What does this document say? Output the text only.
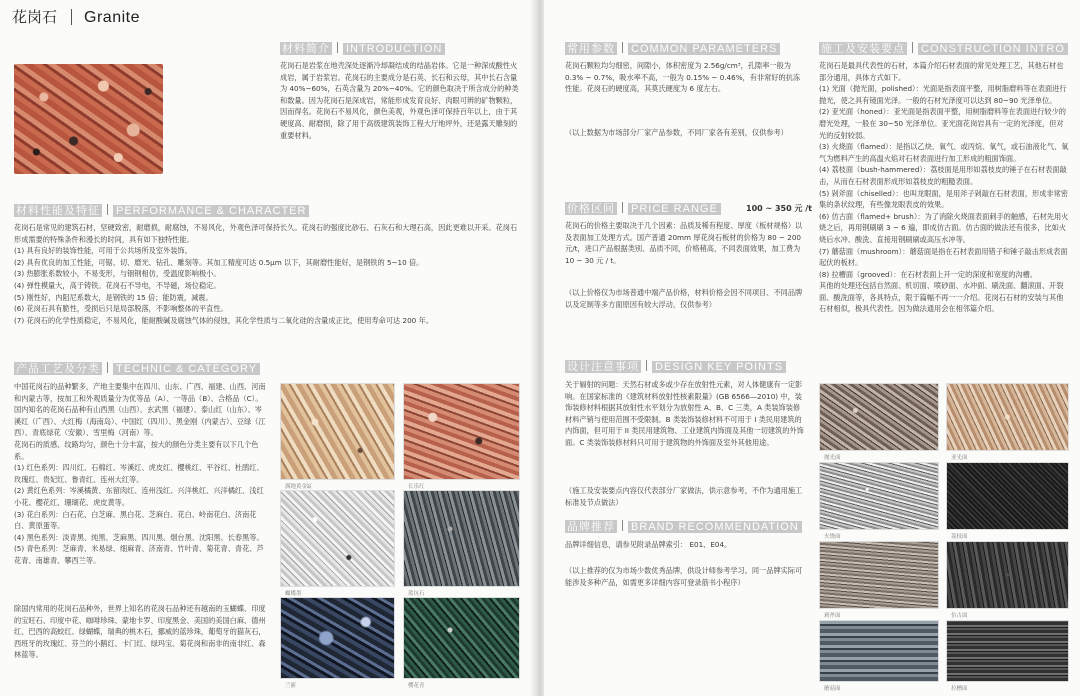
花岗石 Granite
材料简介 INTRODUCTION
花岗石是岩浆在地壳深处逐渐冷却凝结成的结晶岩体。它是一种深成酸性火成岩，属于岩浆岩。花岗石的主要成分是石英、长石和云母，其中长石含量为 40%~60%，石英含量为 20%~40%。它的颜色取决于所含成分的种类和数量。因为花岗石是深成岩，常能形成发育良好、肉眼可辨的矿物颗粒，因而得名。花岗石不易风化，颜色美观，外观色泽可保持百年以上，由于其硬度高、耐磨损，除了用于高级建筑装饰工程大厅地坪外，还是露天雕刻的重要材料。
材料性能及特征 PERFORMANCE & CHARACTER

花岗石是常见的建筑石材，坚硬致密，耐磨损，耐腐蚀，不易风化，外观色泽可保持长久。花岗石的强度比砂石、石灰石和大理石高，因此更难以开采。花岗石形成需要的特殊条件和漫长的时间，具有如下独特性能。

(1) 具有良好的装饰性能，可用于公共场所及室外装饰。
(2) 具有优良的加工性能，可锯、切、磨光、钻孔、雕刻等。其加工精度可达 0.5μm 以下，其耐磨性能好，是钢铁的 5~10 倍。
(3) 热膨胀系数较小，不易变形，与铟钢相仿，受温度影响极小。
(4) 弹性模量大，高于铸铁。花岗石不导电，不导磁，场位稳定。
(5) 刚性好，内阻尼系数大，是钢铁的 15 倍；能防震，减震。
(6) 花岗石具有脆性，受损后只是局部脱落，不影响整体的平直性。
(7) 花岗石的化学性质稳定，不易风化，能耐酸碱及腐蚀气体的侵蚀，其化学性质与二氧化硅的含量成正比，使用寿命可达 200 年。
产品工艺及分类 TECHNIC & CATEGORY

中国花岗石的品种繁多，产地主要集中在四川、山东、广西、福建、山西、河南和内蒙古等，按加工和外观质量分为优等品（A）、一等品（B）、合格品（C）。国内知名的花岗石品种有山西黑（山西）、玄武黑（福建）、泰山红（山东）、岑溪红（广西）、大红梅（海南岛）、中国红（四川）、黑金刚（内蒙古）、豆绿（江西）、青底绿花（安徽）、雪里梅（河南）等。

花岗石的质感、纹路均匀，颜色十分丰富，按大的颜色分类主要有以下几个色系。

(1) 红色系列：四川红、石棉红、岑溪红、虎皮红、樱桃红、平谷红、杜鹃红、玫瑰红、贵妃红、鲁青红、连州大红等。
(2) 黄红色系列：岑溪橘黄、东留肉红、连州浅红、兴洋桃红、兴洋橘红、浅红小花、樱花红、珊瑚花、虎皮黄等。
(3) 花白系列：白石花、白芝麻、黑白花、芝麻白、花白、岭南花白、济南花白、黄原蛋等。
(4) 黑色系列：淡青黑、纯黑、芝麻黑、四川黑、烟台黑、沈阳黑、长春黑等。
(5) 青色系列：芝麻青、米易绿、细麻青、济南青、竹叶青、菊花青、青花、芦花青、南雄青、攀西兰等。
除国内常用的花岗石品种外，世界上知名的花岗石品种还有越南的玉蝴蝶、印度的宝旺石、印度中花、咖啡珍珠、蒙地卡罗、印度黑金、美国的美国白麻、德州红、巴西的高蛟红、绿蝴蝶，瑞典的桃木石，挪威的蓝珍珠，葡萄牙的猫灰石，西班牙的玫瑰红、芬兰的小鹅红、卡门红、绿玛宝、菊花岗和南非的南非红、森林蓝等。
满地黄金缸	长乐红
蝴蝶墨	蓝坑石
兰新	樱花青
常用参数 COMMON PARAMETERS
花岗石颗粒均匀细密，间隙小，体积密度为 2.56g/cm³，孔隙率一般为 0.3% ~ 0.7%，吸水率不高，一般为 0.15% ~ 0.46%，有非常好的抗冻性能。花岗石的硬度高，其莫氏硬度为 6 度左右。
（以上数据为市场部分厂家产品参数，不同厂家各有差别，仅供参考）
价格区间 PRICE RANGE
花岗石的价格主要取决于几个因素：品质及稀有程度、厚度（板材规格）以及表面加工处理方式。国产普通 20mm 厚花岗石板材的价格为 80 ~ 200 元/t，进口产品根据类别、品质不同，价格稍高，不同表面效果，加工费为 10 ~ 30 元 / t。
（以上价格仅为市场普通中端产品价格，材料价格会因不同项目、不同品牌以及定制等多方面原因有较大浮动，仅供参考）
设计注意事项 DESIGN KEY POINTS
关于辐射的问题：天然石材或多或少存在放射性元素，对人体健康有一定影响。在国家标准的《建筑材料放射性核素限量》(GB 6566—2010) 中，装饰装修材料根据其放射性水平划分为放射性 A、B、C 三类，A 类装饰装修材料产销与使用范围不受限制。B 类装饰装修材料不可用于 I 类民用建筑的内饰面，但可用于 II 类民用建筑物、工业建筑内饰面及其他一切建筑的外饰面。C 类装饰装修材料只可用于建筑物的外饰面及室外其他用途。
（施工及安装要点内容仅代表部分厂家做法，供示意参考，不作为通用施工标准及节点做法）
品牌推荐 BRAND RECOMMENDATION
品牌详细信息，请参见附录品牌索引： E01、E04。
（以上推荐的仅为市场少数优秀品牌，供设计师参考学习。同一品牌实际可能涉及多种产品，如需更多详细内容可登录筋书小程序）
施工及安装要点 CONSTRUCTION INTRO

花岗石是最具代表性的石材，本篇介绍石材表面的常见处理工艺，其他石材也部分通用，具体方式如下。

(1) 光面（抛光面，polished）：光面是指表面平整，用树脂磨料等在表面进行抛光，使之具有镜面光泽。一般的石材光泽度可以达到 80~90 光泽单位。
(2) 亚光面（honed）：亚光面是指表面平整，用树脂磨料等在表面进行较少的磨光处理，一般在 30~50 光泽单位。亚光面花岗岩具有一定的光泽度，但对光的反射较弱。
(3) 火烧面（flamed）：是指以乙炔、氧气、或丙烷、氧气，或石油液化气、氧气为燃料产生的高温火焰对石材表面进行加工形成的粗面饰面。
(4) 荔枝面（bush-hammered）：荔枝面是用形如荔枝皮的锤子在石材表面敲击，从而在石材表面形成形如荔枝皮的粗糙表面。
(5) 剁斧面（chiselled）：也叫龙眼面，是用斧子剁敲在石材表面，形成非常密集的条状纹理，有些像龙眼表皮的效果。
(6) 仿古面（flamed+ brush）：为了消除火烧面表面刺手的触感，石材先用火烧之后，再用钢刷刷 3 ~ 6 遍，即成仿古面。仿古面的做法还有很多，比如火烧后水冲、酸洗、直接用钢刷刷或高压水冲等。
(7) 蘑菇面（mushroom）：蘑菇面是指在石材表面用错子和锤子敲击形成表面起伏的板材。
(8) 拉槽面（grooved）：在石材表面上开一定的深度和宽度的沟槽。

其他的处理还包括自然面、机切面、喷砂面、水冲面、刷洗面、翻滚面、开裂面、酸洗面等，各具特点，限于篇幅不再一一介绍。花岗石石材的安装与其他石材相似，极具代表性。因为做法通用会在相邻篇介绍。

抛光面	亚光面
火烧面	荔枝面
剁斧面	仿古面
蘑菇面	拉槽面
100 ~ 350 元 /t
